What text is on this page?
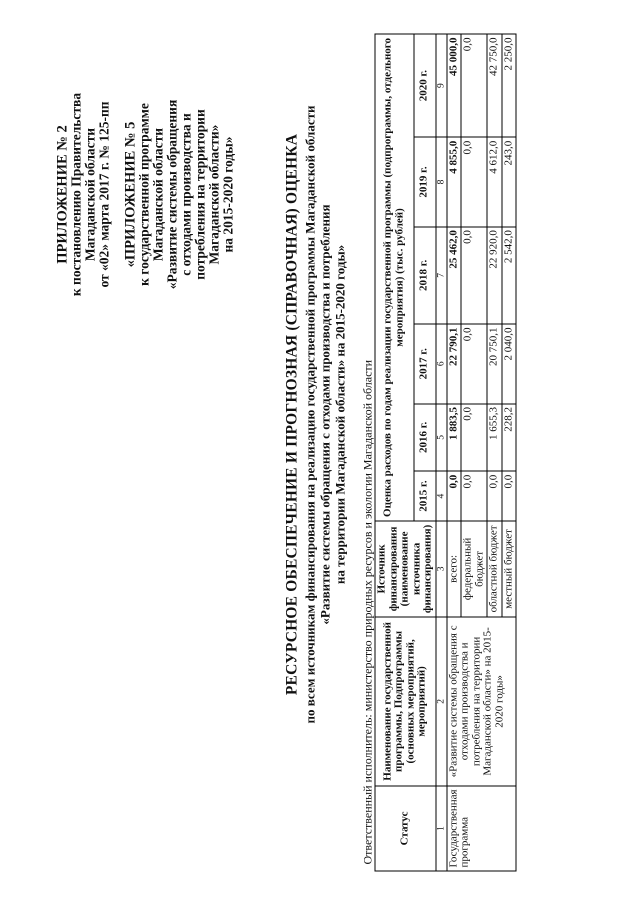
ПРИЛОЖЕНИЕ № 2
к постановлению Правительства Магаданской области от «02» марта 2017 г. № 125-пп «ПРИЛОЖЕНИЕ № 5
к государственной программе Магаданской области «Развитие системы обращения с отходами производства и потребления на территории Магаданской области» на 2015-2020 годы»	РЕСУРСНОЕ ОБЕСПЕЧЕНИЕ И ПРОГНОЗНАЯ (СПРАВОЧНАЯ) ОЦЕНКА по всем источникам финансирования на реализацию государственной программы Магаданской области «Развитие системы обращения с отходами производства и потребления на территории Магаданской области» на 2015-2020 годы» Ответственный исполнитель: министерство природных ресурсов и экологии Магаданской области Статус	Наименование государственной программы, Подпрограммы (основных мероприятий, мероприятий)	Источник финансирования (наименование источника финансирования)	Оценка расходов по годам реализации государственной программы (подпрограммы, отдельного мероприятия) (тыс. рублей)					
			2015 г.	2016 г.	2017 г.	2018 г.	2019 г.	2020 г.
1	2	3	4	5	6	7	8	9
Государственная программа	«Развитие системы обращения с отходами производства и потребления на территории Магаданской области» на 2015-2020 годы»	всего:	0,0	1 883,5	22 790,1	25 462,0	4 855,0	45 000,0
		федеральный бюджет	0,0	0,0	0,0	0,0	0,0	0,0
		областной бюджет	0,0	1 655,3	20 750,1	22 920,0	4 612,0	42 750,0
		местный бюджет	0,0	228,2	2 040,0	2 542,0	243,0	2 250,0
